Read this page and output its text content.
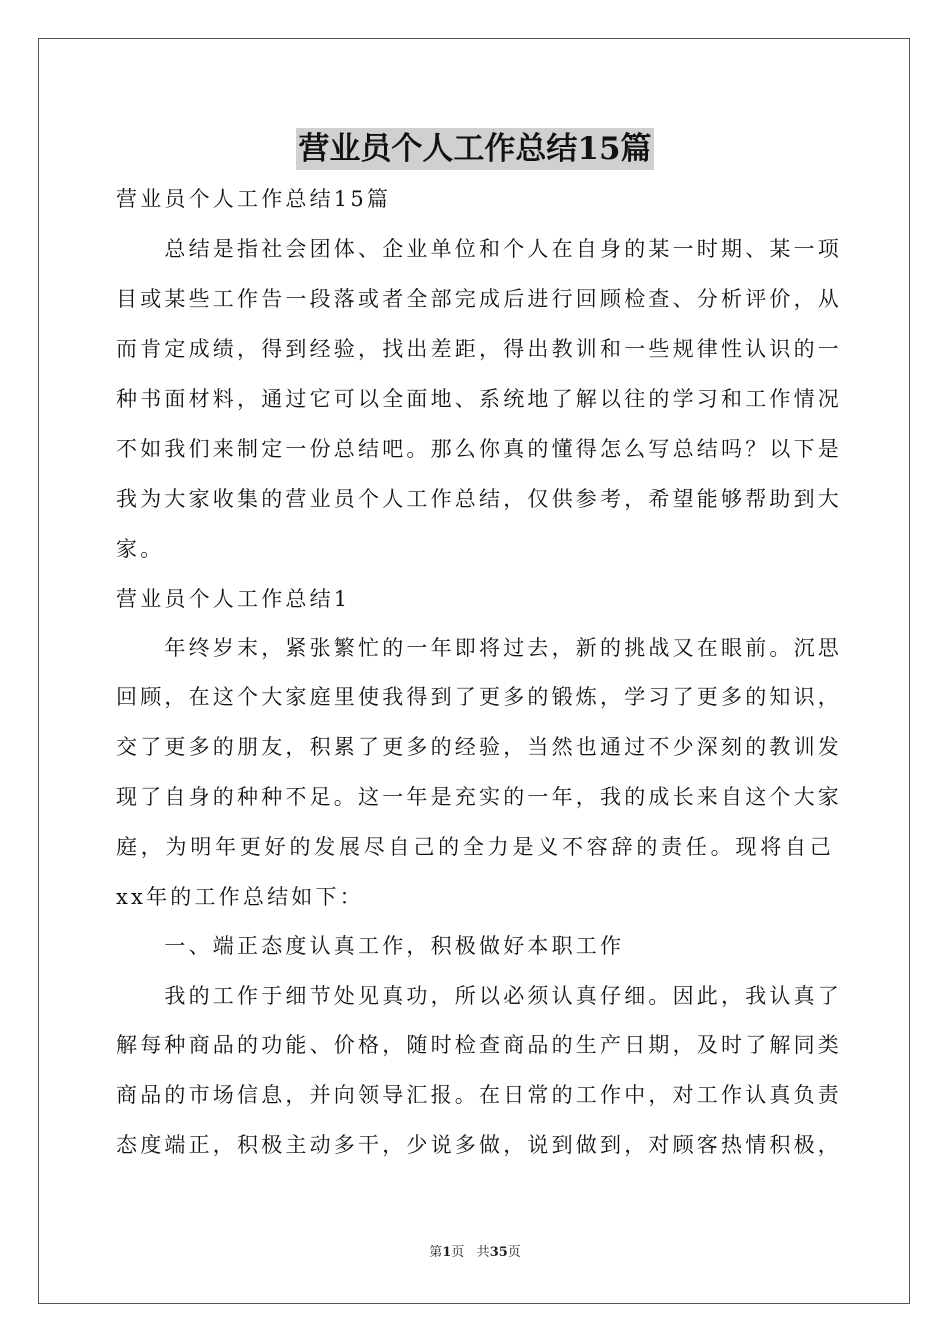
营业员个人工作总结15篇
营业员个人工作总结15篇
　　总结是指社会团体、企业单位和个人在自身的某一时期、某一项
目或某些工作告一段落或者全部完成后进行回顾检查、分析评价，从
而肯定成绩，得到经验，找出差距，得出教训和一些规律性认识的一
种书面材料，通过它可以全面地、系统地了解以往的学习和工作情况
不如我们来制定一份总结吧。那么你真的懂得怎么写总结吗？以下是
我为大家收集的营业员个人工作总结，仅供参考，希望能够帮助到大
家。
营业员个人工作总结1
　　年终岁末，紧张繁忙的一年即将过去，新的挑战又在眼前。沉思
回顾，在这个大家庭里使我得到了更多的锻炼，学习了更多的知识，
交了更多的朋友，积累了更多的经验，当然也通过不少深刻的教训发
现了自身的种种不足。这一年是充实的一年，我的成长来自这个大家
庭，为明年更好的发展尽自己的全力是义不容辞的责任。现将自己
xx年的工作总结如下：
　　一、端正态度认真工作，积极做好本职工作
　　我的工作于细节处见真功，所以必须认真仔细。因此，我认真了
解每种商品的功能、价格，随时检查商品的生产日期，及时了解同类
商品的市场信息，并向领导汇报。在日常的工作中，对工作认真负责
态度端正，积极主动多干，少说多做，说到做到，对顾客热情积极，
第1页 共35页
